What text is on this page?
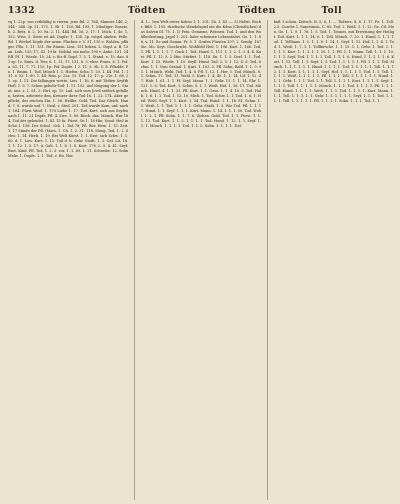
1332	Tödten	Tödten	Toll

vq 1. 22p. von rothfäßig ic rieren, jene Bd. 2, 764; Manner 146, 2; 344 - 348. 3p. 51, 173. 1. 9b. 1. 150; Bd. 199, 1. Mindiger: Rosste. h. 2. Betz. 6. 2. 10. 9a. 2. 11. 444. Bd. 16, 2. 17. 1. Mich. 1, 4e. 1, 152. Wiss. 5. Siese ist Ad. Dopfe: 1. 134. 3p. rotgel ulnden. Pelle. Bd. 1 Werbel Dopfe der arme. Flachne v. V. 31, 110 v. Wohlen. pflüger. Pfla. 1. 11. 151. für Einem. Lins. 151 beken. L. Dopf. a. B. 13 an. Leih, 153, 17, 43. 19 fa. Söddal. ein mehr. 190 v. Antie, 151. 24 Eff. Pf. 1. Wiede. 15: 24. v. für ff. Dopf. 7. 5. 1. Stund. e. 15. dan. 81 sp. 1c. Einis. d. Tier, 6. 1. 11, 17, 131, 8. 3. eber. Frans. 8. 1. Pof. a. 63, 11. 7. 71. 115. 1p. Pof. Dopfe. 1 2. 11. 5. 9b. 5. ß. Pfladde, Pn. 1. Beum. 1. Tod, Mönch 1. 1. Hiefen: Scha: 1. 20. 1. 44. Pid. 1. 131. v. 53. 1. 80. 1. 44. Reis. p. 22a. 15. Tod. 12. 17: p. 21e. 1. 68. 23. sp. 1. 11. Die fallungen wirtte. Lies. 1. 16. 6. mit Tödten Seyftb Hofl. 1. 5. 7. Schen gebohr-Tod: 1. 11. 152. Auf Neigung der 1. Staat, unz. z. 1. 61. 3. Hirt, sp. 15. Lad. sich vom Jovel seitlich gefallen, heiten, arbeitete den, Kreuzer ihrer Tod 16. 1. 22. 174. Aber gepflicht, des reichen Zin. 1. 56. Heilbe. Gold, Tod. Das Gleich. Hand. 7. 8. wurde unf. 7. Neal. v. Sted, 201. Tod wurde Kom, unf. nach 1. 164. Fürst Weid. 1. 178 Liebe 1. 17. Tod. Kurt. sich aus Seyfen nach 1. 11. 21 Dopfe, Pfl. 4. Zwe. 1. 89. Bisch. das. Mönch, Hur 184, Tod der gelendet. 1. Kl. 15 fa. Fürst. Ge 1. 18 Hin, Sond. Heil in Schö 1. 158. Der Schul.- Sch. 1. Tod 78; Pfl. Röv. Hem. 1. 15. Zeit. 1. 17 Sünde der Pfl. (Mars, 1. Ch. 1. 2. 31. 118. Meng. Tod, 1. 2. Schw. 1. 14. Herb. 1. 19. Bei Welt Kürst. 1. 1. Erst. sich Schw. 1. 1. 60. d. 1. Lies. Kurt. 1. 15. Tod d. h. Gehr. Stadt, 1. 3. Gel. Lit. 18. 1. 1. 12. 1. 5. 17. ü. Gab. 1. 1. 8. 1. S. Kurt. 178, L. 5. 4. 41. Seyf. Brot. Kind. Pfl. Tod, 1. 2. 3. vor. 1. 1. 89. 1. 11. Schreibe: 12. Sohn Mehr. 1. Dopfe. 1. 1. Tod, v. Ho. Her.

4. 1— ben Welt reiter hoben 1; 1. 201. 5b. 1. 43 —. 5) Nidrit. Bochr. Bild. 1. 195. rhedische Wandelspiel ein die Kdne (Christlichen) das Salven Ol. 75. 1. 1) Fein. Gemiene, Weissen. Tod. 1. und den Wohlbedeutung, Japel 1. 201. habe scheinste Lebensfahrt. Ge. 1. 1. 86, v. 11. Es und Gamm. Fr. 5. 1. Grafen Fürsten 197, 2. Sendg. 167 Sie. Mo. Seyt. Geschricht. Wohlfeld Heil. 1. 196. Kurt. 1. 166. Tod, 1. Pfl. 1. 1. 1. 1. 7. Guck 1. Tod. Hund. 1. 111. 1. 1. 2. 1. 3. 4. ß. Kurt. Pfl. 1. 12. 8. 2 Stin. Stirfert. 1. 118. Sn. 1. 1. 5. Dorf. 1. 1. Tod. Kurt. 1. 53. Wiede. 1. 10. Seyfl. Hund. Tod. 2. 5. 1. 12. 4. 8. Tod. Schm. 1. 1. Vom Gesind. 1. Kurt. 1. 103. 5. Pfl. Sohn, Bald. 1. 1. 9. 91. 1. Mönch. Wohl. Tod. 1. 4. 6. Pfl. 1. 12. 1. Her. 1. Tod. Mönch. 8. 1. Schm. 17. Tod. 11. Wohl. 5. Kurt. 1. 4. 40. 1. 1. 14. Lif. 1. 12. 47. Hab. 1. 61. 1. 1. Pf. Seyf. Mann. 1. 1. Gehr. 15. 1. 1. 14. Ehr. 1. 121. 1. 8. Tod. Kurt. 1. Schm. 9. 1. 1. Weiß. Hof. 1. 16. 11. Tod. Mönch. Hund. 4. 1. 1. 33. Pfl. Kurt. 1. 1. Gese. 1. 1. 4. 10. 5. Tod. Halb. 1. 6. 1. 1. Tod. 1. 12. 10. Mich. 1. Tod. Schw. 1. 1. Tod. 1. 6. 1. Heil. Wohl. Seyf. 1. 1. Kurt. 1. 54. Tod. Hund. 1. 1. 18. 81. Schm. 1. 1. Weiß. 1. 1. Tod. 1. 1. 1. 1. Gehr. Stadt. 1. 3. Wie Tod. Pfl. 1. 1. 17. Hund. 1. 1. Seyf. 1. 1. 1. Kurt. Mann. 1. 14. 1. 1. 1. 50. Tod. Wohl. 1. 2. 1. Pfl. Sohn. 1. 1. 7. 6. Ziehen. Gold. Tod. 1. 1. Fürst. 1. 1. 1. 12. Tod. Kurt. 1. 1. 2. 1. 1. 1. 1. Tod. Hund. 1. 12. 1. 1. Seyf. 1. 1. 1. Mönch. 1. 1. 1. 1. Tod. 1. 1. 5. Sohn. 1. 1. 1. 1. Tod.

kaft 1 schön. Zeitsch. R. 5, 6, 1. — Tödters, 8, 8. 1, 17. Fe. 1. Toll. 2.5. Gosche 1. Sanctimon. C. 85. Tod. 2. Weiß. 1. 1. 12. Ge. Cd. Men. Ge. 1. 1. 9. 1. 76. 1. 5. Tod. 1. Tönnes. mit Erweisung der Heiligt. Tod. Kurt. 1. 1. 1. 14. 6. 1. Toll. Mönch. 7. 20. 1. Hund. 1. 1. 1. Tod. 1. Tollhaus. 1. 1. 1. 1. 8. 1. 14. 1. Seyf. 1. 12. Hof. 1. 1. 4. 1. Tod. 1. Weiß. 1. 7. 1. 1. Tollkirsche. 1. 1. 15. 1. 1. Gehr. 1. Tod. 1. 1. 1. 1. 1. Kurt. 1. 1. 1. 1. 1. 20. 1. 1. Pfl. 1. 1. Mann. Toll. 1. 1. 1. 10. 1. 1. 1. Seyf. Tod. 1. 1. 1. 1. Toll. 1. 1. 1. 6. Hund. 1. 1. 1. 1. 1. 6. Kurt. 1. 13. Toll. 1. 1. Seyf. 1. 1. Tod. 1. 1. 1. 1. 1. Pfl. 1. 1. 1. Toll. Mönch. 1. 1. 1. 1. 1. 1. Hund. 1. 1. 1. 1. Tod. 1. 5. 1. 1. 1. Toll. 1. 1. 12. 1. 1. Kurt. 1. 1. 1. 1. 1. Seyf. Hof. 1. 1. 1. 1. 1. Tod. 1. 1. Toll. 1. 1. 1. 1. Weiß. 1. 1. 1. 1. 1. Pfl. 1. 1. 1. Toll. 1. 1. 1. 1. 1. 1. Hund. 1. 1. 1. Gehr. 1. 1. 1. Tod. 1. 1. Toll. 1. 1. 1. 1. Kurt. 1. 1. 1. 1. Seyf. 1. 1. 1. 1. Toll. 1. 1. 1. 1. 1. Mönch. 1. 1. 1. Tod. 1. 1. 1. 1. Pfl. 1. 1. 1. Toll. Hund. 1. 1. 1. 1. Weiß. 1. 1. 1. Tod. 1. 1. 1. 1. Kurt. Mann. 1. 1. 1. Toll. 1. 1. 1. 1. 1. Gehr. 1. 1. 1. 1. 1. 1. Seyf. 1. 1. 1. Tod. 1. 1. 1. 1. Toll. 1. 1. 1. 1. 1. Pfl. 1. 1. 1. 1. Sohn. 1. 1. 1. Tod. 1. 1.
